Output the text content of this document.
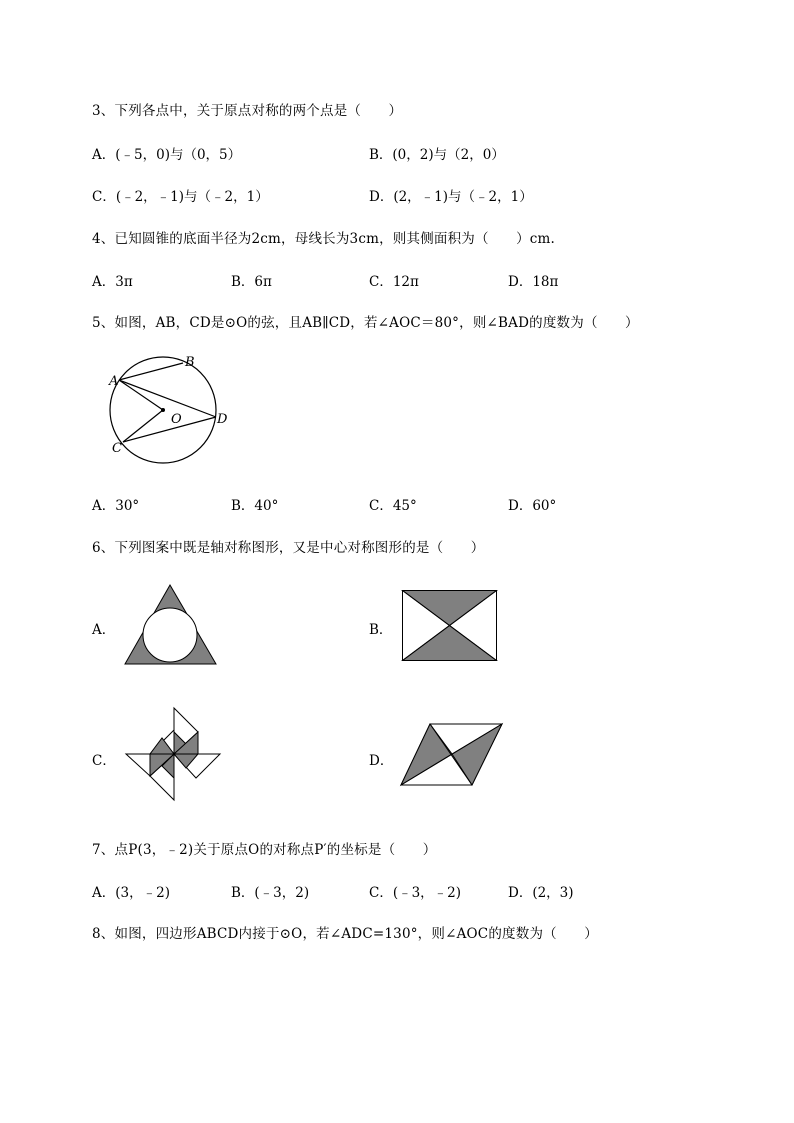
3、下列各点中，关于原点对称的两个点是（　　）
A．(﹣5，0)与（0，5）	B．(0，2)与（2，0）
C．(﹣2，﹣1)与（﹣2，1）	D．(2，﹣1)与（﹣2，1）
4、已知圆锥的底面半径为2cm，母线长为3cm，则其侧面积为（　　）cm.
A．3π	B．6π	C．12π	D．18π
5、如图，AB，CD是⊙O的弦，且AB∥CD，若∠AOC＝80°，则∠BAD的度数为（　　）
A
B
C
D
O
A．30°	B．40°	C．45°	D．60°
6、下列图案中既是轴对称图形，又是中心对称图形的是（　　）
A．	B．
C．	D．
7、点P(3，﹣2)关于原点O的对称点P′的坐标是（　　）
A．(3，﹣2)	B．(﹣3，2)	C．(﹣3，﹣2)	D．(2，3)
8、如图，四边形ABCD内接于⊙O，若∠ADC=130°，则∠AOC的度数为（　　）
